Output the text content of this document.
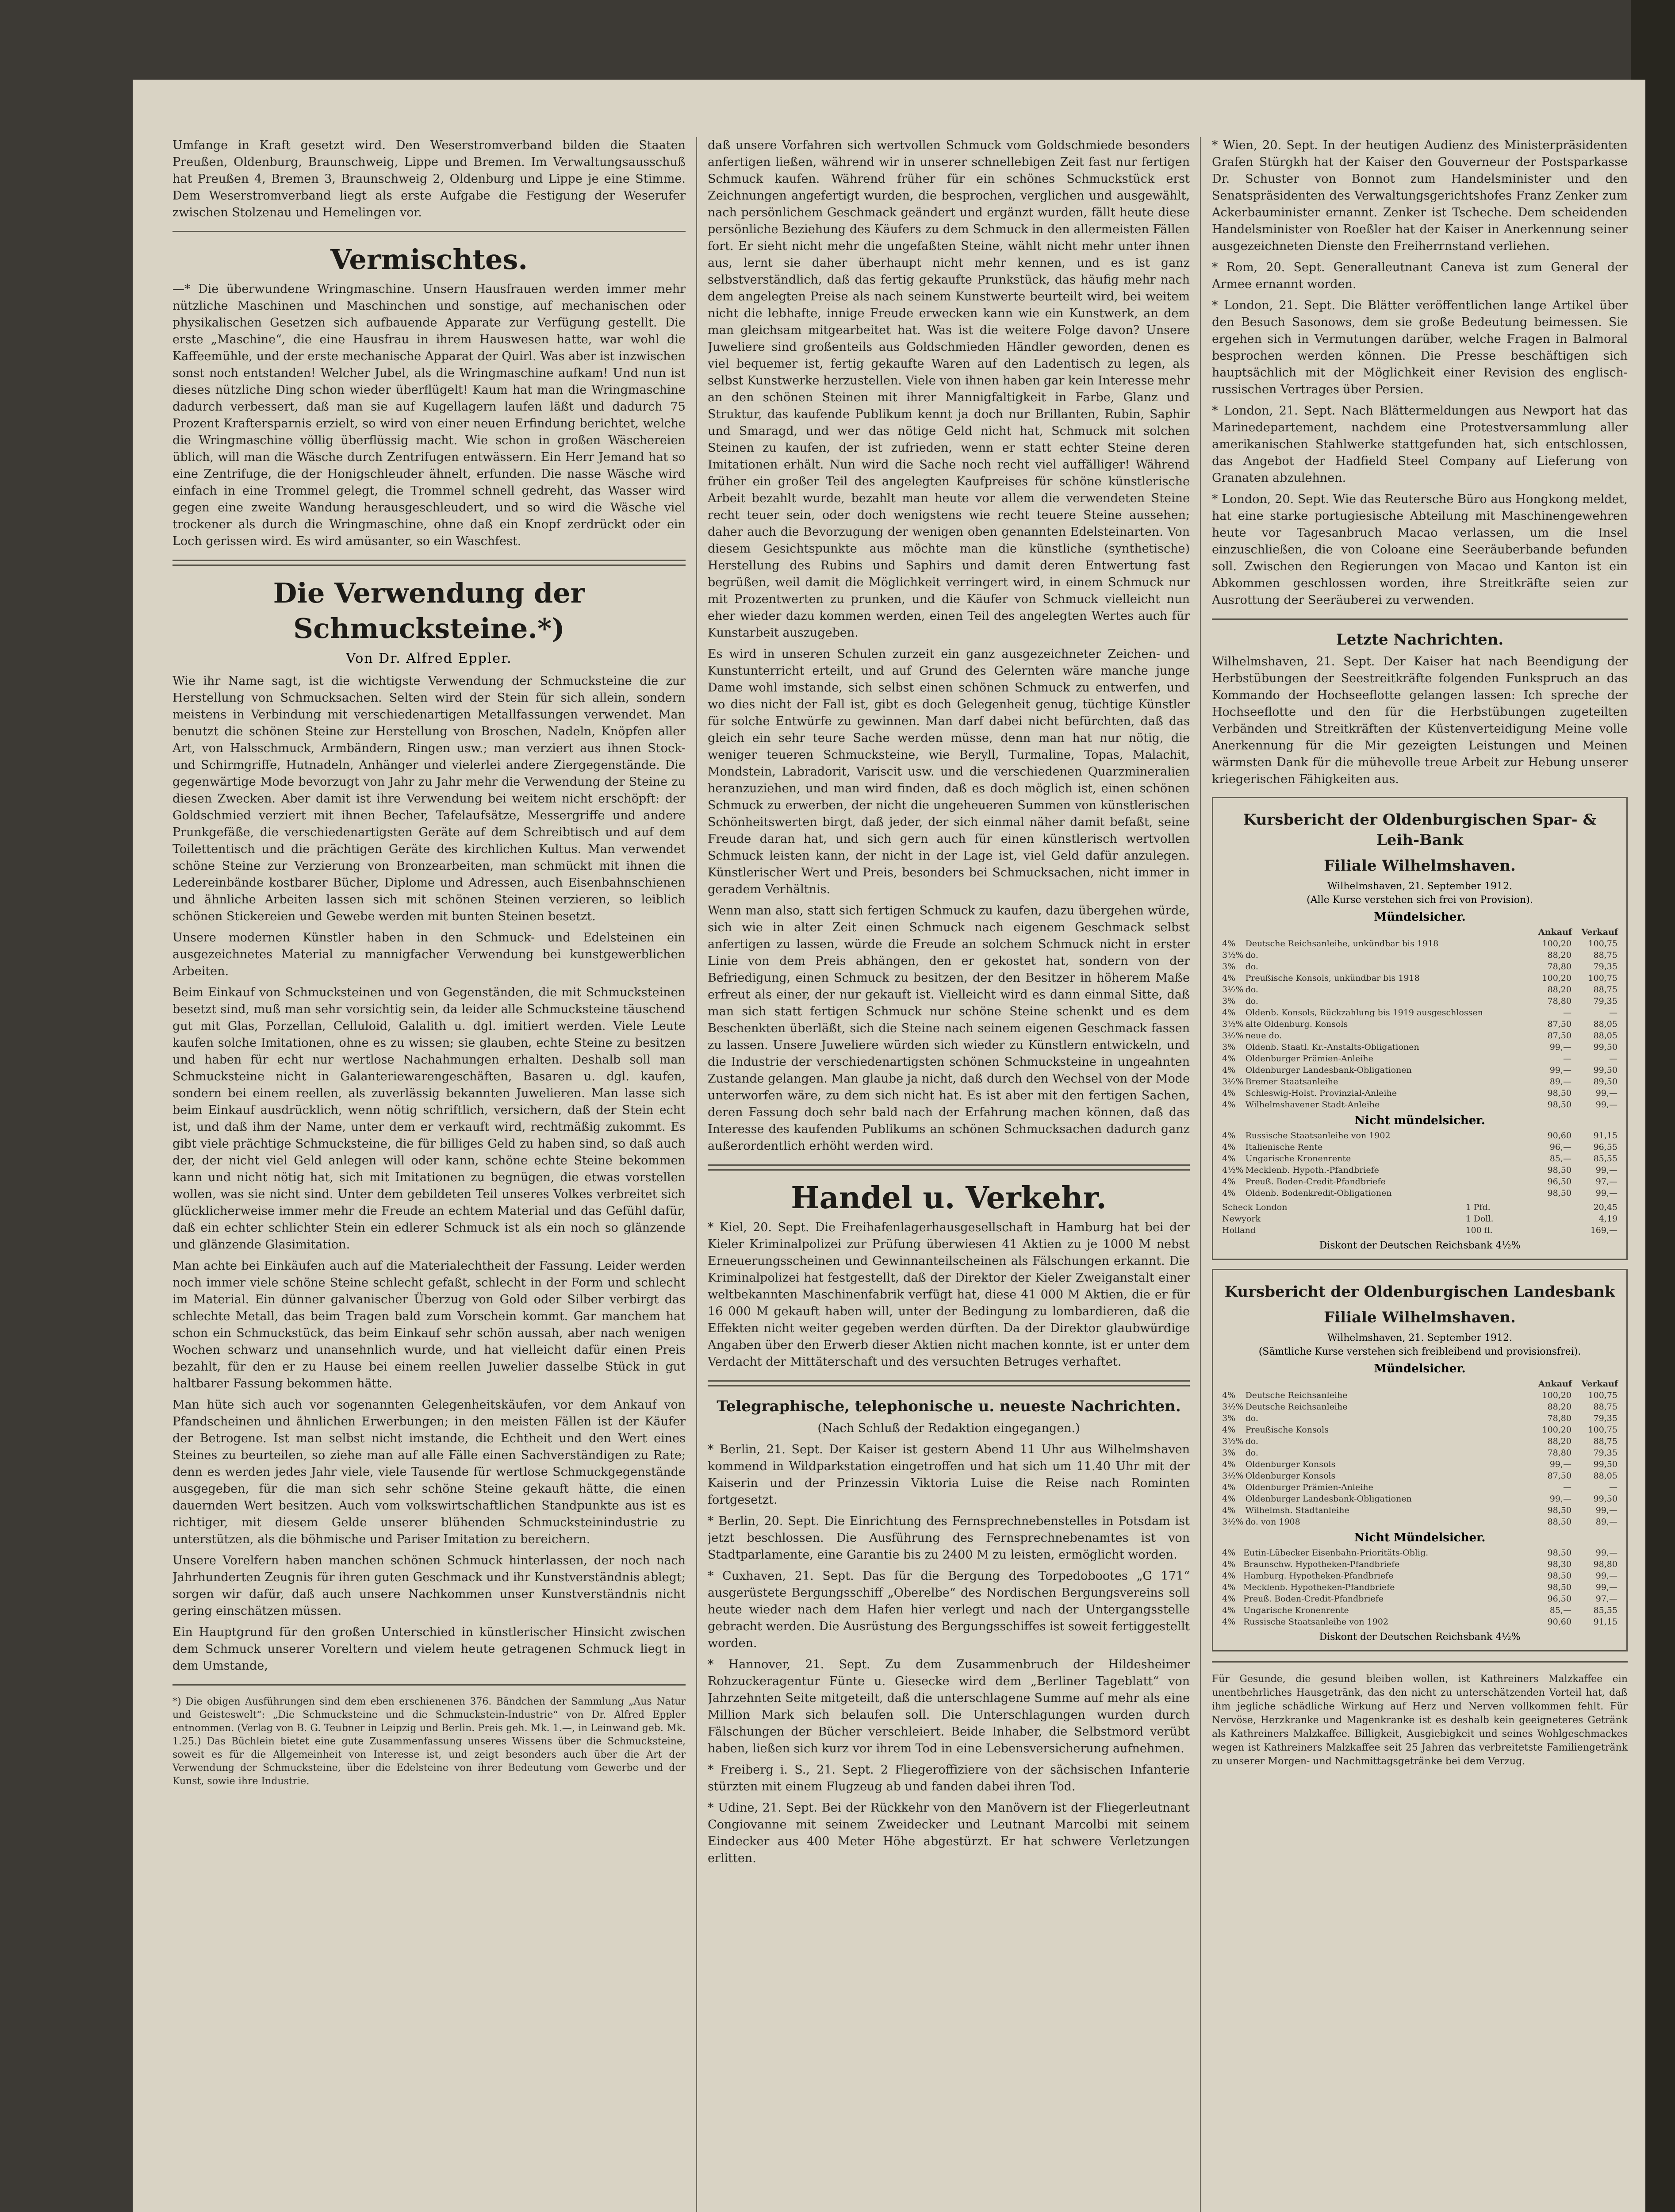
Umfange in Kraft gesetzt wird. Den Weserstromverband bilden die Staaten Preußen, Oldenburg, Braunschweig, Lippe und Bremen. Im Verwaltungsausschuß hat Preußen 4, Bremen 3, Braunschweig 2, Oldenburg und Lippe je eine Stimme. Dem Weserstromverband liegt als erste Aufgabe die Festigung der Weserufer zwischen Stolzenau und Hemelingen vor.

Vermischtes.

—* Die überwundene Wringmaschine. Unsern Hausfrauen werden immer mehr nützliche Maschinen und Maschinchen und sonstige, auf mechanischen oder physikalischen Gesetzen sich aufbauende Apparate zur Verfügung gestellt. Die erste „Maschine“, die eine Hausfrau in ihrem Hauswesen hatte, war wohl die Kaffeemühle, und der erste mechanische Apparat der Quirl. Was aber ist inzwischen sonst noch entstanden! Welcher Jubel, als die Wringmaschine aufkam! Und nun ist dieses nützliche Ding schon wieder überflügelt! Kaum hat man die Wringmaschine dadurch verbessert, daß man sie auf Kugellagern laufen läßt und dadurch 75 Prozent Kraftersparnis erzielt, so wird von einer neuen Erfindung berichtet, welche die Wringmaschine völlig überflüssig macht. Wie schon in großen Wäschereien üblich, will man die Wäsche durch Zentrifugen entwässern. Ein Herr Jemand hat so eine Zentrifuge, die der Honigschleuder ähnelt, erfunden. Die nasse Wäsche wird einfach in eine Trommel gelegt, die Trommel schnell gedreht, das Wasser wird gegen eine zweite Wandung herausgeschleudert, und so wird die Wäsche viel trockener als durch die Wringmaschine, ohne daß ein Knopf zerdrückt oder ein Loch gerissen wird. Es wird amüsanter, so ein Waschfest.

Die Verwendung der Schmucksteine.*)

Von Dr. Alfred Eppler.

Wie ihr Name sagt, ist die wichtigste Verwendung der Schmucksteine die zur Herstellung von Schmucksachen. Selten wird der Stein für sich allein, sondern meistens in Verbindung mit verschiedenartigen Metallfassungen verwendet. Man benutzt die schönen Steine zur Herstellung von Broschen, Nadeln, Knöpfen aller Art, von Halsschmuck, Armbändern, Ringen usw.; man verziert aus ihnen Stock- und Schirmgriffe, Hutnadeln, Anhänger und vielerlei andere Ziergegenstände. Die gegenwärtige Mode bevorzugt von Jahr zu Jahr mehr die Verwendung der Steine zu diesen Zwecken. Aber damit ist ihre Verwendung bei weitem nicht erschöpft: der Goldschmied verziert mit ihnen Becher, Tafelaufsätze, Messergriffe und andere Prunkgefäße, die verschiedenartigsten Geräte auf dem Schreibtisch und auf dem Toilettentisch und die prächtigen Geräte des kirchlichen Kultus. Man verwendet schöne Steine zur Verzierung von Bronzearbeiten, man schmückt mit ihnen die Ledereinbände kostbarer Bücher, Diplome und Adressen, auch Eisenbahnschienen und ähnliche Arbeiten lassen sich mit schönen Steinen verzieren, so leiblich schönen Stickereien und Gewebe werden mit bunten Steinen besetzt.

Unsere modernen Künstler haben in den Schmuck- und Edelsteinen ein ausgezeichnetes Material zu mannigfacher Verwendung bei kunstgewerblichen Arbeiten.

Beim Einkauf von Schmucksteinen und von Gegenständen, die mit Schmucksteinen besetzt sind, muß man sehr vorsichtig sein, da leider alle Schmucksteine täuschend gut mit Glas, Porzellan, Celluloid, Galalith u. dgl. imitiert werden. Viele Leute kaufen solche Imitationen, ohne es zu wissen; sie glauben, echte Steine zu besitzen und haben für echt nur wertlose Nachahmungen erhalten. Deshalb soll man Schmucksteine nicht in Galanteriewarengeschäften, Basaren u. dgl. kaufen, sondern bei einem reellen, als zuverlässig bekannten Juwelieren. Man lasse sich beim Einkauf ausdrücklich, wenn nötig schriftlich, versichern, daß der Stein echt ist, und daß ihm der Name, unter dem er verkauft wird, rechtmäßig zukommt. Es gibt viele prächtige Schmucksteine, die für billiges Geld zu haben sind, so daß auch der, der nicht viel Geld anlegen will oder kann, schöne echte Steine bekommen kann und nicht nötig hat, sich mit Imitationen zu begnügen, die etwas vorstellen wollen, was sie nicht sind. Unter dem gebildeten Teil unseres Volkes verbreitet sich glücklicherweise immer mehr die Freude an echtem Material und das Gefühl dafür, daß ein echter schlichter Stein ein edlerer Schmuck ist als ein noch so glänzende und glänzende Glasimitation.

Man achte bei Einkäufen auch auf die Materialechtheit der Fassung. Leider werden noch immer viele schöne Steine schlecht gefaßt, schlecht in der Form und schlecht im Material. Ein dünner galvanischer Überzug von Gold oder Silber verbirgt das schlechte Metall, das beim Tragen bald zum Vorschein kommt. Gar manchem hat schon ein Schmuckstück, das beim Einkauf sehr schön aussah, aber nach wenigen Wochen schwarz und unansehnlich wurde, und hat vielleicht dafür einen Preis bezahlt, für den er zu Hause bei einem reellen Juwelier dasselbe Stück in gut haltbarer Fassung bekommen hätte.

Man hüte sich auch vor sogenannten Gelegenheitskäufen, vor dem Ankauf von Pfandscheinen und ähnlichen Erwerbungen; in den meisten Fällen ist der Käufer der Betrogene. Ist man selbst nicht imstande, die Echtheit und den Wert eines Steines zu beurteilen, so ziehe man auf alle Fälle einen Sachverständigen zu Rate; denn es werden jedes Jahr viele, viele Tausende für wertlose Schmuckgegenstände ausgegeben, für die man sich sehr schöne Steine gekauft hätte, die einen dauernden Wert besitzen. Auch vom volkswirtschaftlichen Standpunkte aus ist es richtiger, mit diesem Gelde unserer blühenden Schmucksteinindustrie zu unterstützen, als die böhmische und Pariser Imitation zu bereichern.

Unsere Vorelfern haben manchen schönen Schmuck hinterlassen, der noch nach Jahrhunderten Zeugnis für ihren guten Geschmack und ihr Kunstverständnis ablegt; sorgen wir dafür, daß auch unsere Nachkommen unser Kunstverständnis nicht gering einschätzen müssen.

Ein Hauptgrund für den großen Unterschied in künstlerischer Hinsicht zwischen dem Schmuck unserer Voreltern und vielem heute getragenen Schmuck liegt in dem Umstande,

*) Die obigen Ausführungen sind dem eben erschienenen 376. Bändchen der Sammlung „Aus Natur und Geisteswelt“: „Die Schmucksteine und die Schmuckstein-Industrie“ von Dr. Alfred Eppler entnommen. (Verlag von B. G. Teubner in Leipzig und Berlin. Preis geh. Mk. 1.—, in Leinwand geb. Mk. 1.25.) Das Büchlein bietet eine gute Zusammenfassung unseres Wissens über die Schmucksteine, soweit es für die Allgemeinheit von Interesse ist, und zeigt besonders auch über die Art der Verwendung der Schmucksteine, über die Edelsteine von ihrer Bedeutung vom Gewerbe und der Kunst, sowie ihre Industrie.

daß unsere Vorfahren sich wertvollen Schmuck vom Goldschmiede besonders anfertigen ließen, während wir in unserer schnellebigen Zeit fast nur fertigen Schmuck kaufen. Während früher für ein schönes Schmuckstück erst Zeichnungen angefertigt wurden, die besprochen, verglichen und ausgewählt, nach persönlichem Geschmack geändert und ergänzt wurden, fällt heute diese persönliche Beziehung des Käufers zu dem Schmuck in den allermeisten Fällen fort. Er sieht nicht mehr die ungefaßten Steine, wählt nicht mehr unter ihnen aus, lernt sie daher überhaupt nicht mehr kennen, und es ist ganz selbstverständlich, daß das fertig gekaufte Prunkstück, das häufig mehr nach dem angelegten Preise als nach seinem Kunstwerte beurteilt wird, bei weitem nicht die lebhafte, innige Freude erwecken kann wie ein Kunstwerk, an dem man gleichsam mitgearbeitet hat. Was ist die weitere Folge davon? Unsere Juweliere sind großenteils aus Goldschmieden Händler geworden, denen es viel bequemer ist, fertig gekaufte Waren auf den Ladentisch zu legen, als selbst Kunstwerke herzustellen. Viele von ihnen haben gar kein Interesse mehr an den schönen Steinen mit ihrer Mannigfaltigkeit in Farbe, Glanz und Struktur, das kaufende Publikum kennt ja doch nur Brillanten, Rubin, Saphir und Smaragd, und wer das nötige Geld nicht hat, Schmuck mit solchen Steinen zu kaufen, der ist zufrieden, wenn er statt echter Steine deren Imitationen erhält. Nun wird die Sache noch recht viel auffälliger! Während früher ein großer Teil des angelegten Kaufpreises für schöne künstlerische Arbeit bezahlt wurde, bezahlt man heute vor allem die verwendeten Steine recht teuer sein, oder doch wenigstens wie recht teuere Steine aussehen; daher auch die Bevorzugung der wenigen oben genannten Edelsteinarten. Von diesem Gesichtspunkte aus möchte man die künstliche (synthetische) Herstellung des Rubins und Saphirs und damit deren Entwertung fast begrüßen, weil damit die Möglichkeit verringert wird, in einem Schmuck nur mit Prozentwerten zu prunken, und die Käufer von Schmuck vielleicht nun eher wieder dazu kommen werden, einen Teil des angelegten Wertes auch für Kunstarbeit auszugeben.

Es wird in unseren Schulen zurzeit ein ganz ausgezeichneter Zeichen- und Kunstunterricht erteilt, und auf Grund des Gelernten wäre manche junge Dame wohl imstande, sich selbst einen schönen Schmuck zu entwerfen, und wo dies nicht der Fall ist, gibt es doch Gelegenheit genug, tüchtige Künstler für solche Entwürfe zu gewinnen. Man darf dabei nicht befürchten, daß das gleich ein sehr teure Sache werden müsse, denn man hat nur nötig, die weniger teueren Schmucksteine, wie Beryll, Turmaline, Topas, Malachit, Mondstein, Labradorit, Variscit usw. und die verschiedenen Quarzmineralien heranzuziehen, und man wird finden, daß es doch möglich ist, einen schönen Schmuck zu erwerben, der nicht die ungeheueren Summen von künstlerischen Schönheitswerten birgt, daß jeder, der sich einmal näher damit befaßt, seine Freude daran hat, und sich gern auch für einen künstlerisch wertvollen Schmuck leisten kann, der nicht in der Lage ist, viel Geld dafür anzulegen. Künstlerischer Wert und Preis, besonders bei Schmucksachen, nicht immer in geradem Verhältnis.

Wenn man also, statt sich fertigen Schmuck zu kaufen, dazu übergehen würde, sich wie in alter Zeit einen Schmuck nach eigenem Geschmack selbst anfertigen zu lassen, würde die Freude an solchem Schmuck nicht in erster Linie von dem Preis abhängen, den er gekostet hat, sondern von der Befriedigung, einen Schmuck zu besitzen, der den Besitzer in höherem Maße erfreut als einer, der nur gekauft ist. Vielleicht wird es dann einmal Sitte, daß man sich statt fertigen Schmuck nur schöne Steine schenkt und es dem Beschenkten überläßt, sich die Steine nach seinem eigenen Geschmack fassen zu lassen. Unsere Juweliere würden sich wieder zu Künstlern entwickeln, und die Industrie der verschiedenartigsten schönen Schmucksteine in ungeahnten Zustande gelangen. Man glaube ja nicht, daß durch den Wechsel von der Mode unterworfen wäre, zu dem sich nicht hat. Es ist aber mit den fertigen Sachen, deren Fassung doch sehr bald nach der Erfahrung machen können, daß das Interesse des kaufenden Publikums an schönen Schmucksachen dadurch ganz außerordentlich erhöht werden wird.

Handel u. Verkehr.

* Kiel, 20. Sept. Die Freihafenlagerhausgesellschaft in Hamburg hat bei der Kieler Kriminalpolizei zur Prüfung überwiesen 41 Aktien zu je 1000 M nebst Erneuerungsscheinen und Gewinnanteilscheinen als Fälschungen erkannt. Die Kriminalpolizei hat festgestellt, daß der Direktor der Kieler Zweiganstalt einer weltbekannten Maschinenfabrik verfügt hat, diese 41 000 M Aktien, die er für 16 000 M gekauft haben will, unter der Bedingung zu lombardieren, daß die Effekten nicht weiter gegeben werden dürften. Da der Direktor glaubwürdige Angaben über den Erwerb dieser Aktien nicht machen konnte, ist er unter dem Verdacht der Mittäterschaft und des versuchten Betruges verhaftet.

Telegraphische, telephonische u. neueste Nachrichten.

(Nach Schluß der Redaktion eingegangen.)

* Berlin, 21. Sept. Der Kaiser ist gestern Abend 11 Uhr aus Wilhelmshaven kommend in Wildparkstation eingetroffen und hat sich um 11.40 Uhr mit der Kaiserin und der Prinzessin Viktoria Luise die Reise nach Rominten fortgesetzt.

* Berlin, 20. Sept. Die Einrichtung des Fernsprechnebenstelles in Potsdam ist jetzt beschlossen. Die Ausführung des Fernsprechnebenamtes ist von Stadtparlamente, eine Garantie bis zu 2400 M zu leisten, ermöglicht worden.

* Cuxhaven, 21. Sept. Das für die Bergung des Torpedobootes „G 171“ ausgerüstete Bergungsschiff „Oberelbe“ des Nordischen Bergungsvereins soll heute wieder nach dem Hafen hier verlegt und nach der Untergangsstelle gebracht werden. Die Ausrüstung des Bergungsschiffes ist soweit fertiggestellt worden.

* Hannover, 21. Sept. Zu dem Zusammenbruch der Hildesheimer Rohzuckeragentur Fünte u. Giesecke wird dem „Berliner Tageblatt“ von Jahrzehnten Seite mitgeteilt, daß die unterschlagene Summe auf mehr als eine Million Mark sich belaufen soll. Die Unterschlagungen wurden durch Fälschungen der Bücher verschleiert. Beide Inhaber, die Selbstmord verübt haben, ließen sich kurz vor ihrem Tod in eine Lebensversicherung aufnehmen.

* Freiberg i. S., 21. Sept. 2 Fliegeroffiziere von der sächsischen Infanterie stürzten mit einem Flugzeug ab und fanden dabei ihren Tod.

* Udine, 21. Sept. Bei der Rückkehr von den Manövern ist der Fliegerleutnant Congiovanne mit seinem Zweidecker und Leutnant Marcolbi mit seinem Eindecker aus 400 Meter Höhe abgestürzt. Er hat schwere Verletzungen erlitten.

* Wien, 20. Sept. In der heutigen Audienz des Ministerpräsidenten Grafen Stürgkh hat der Kaiser den Gouverneur der Postsparkasse Dr. Schuster von Bonnot zum Handelsminister und den Senatspräsidenten des Verwaltungsgerichtshofes Franz Zenker zum Ackerbauminister ernannt. Zenker ist Tscheche. Dem scheidenden Handelsminister von Roeßler hat der Kaiser in Anerkennung seiner ausgezeichneten Dienste den Freiherrnstand verliehen.

* Rom, 20. Sept. Generalleutnant Caneva ist zum General der Armee ernannt worden.

* London, 21. Sept. Die Blätter veröffentlichen lange Artikel über den Besuch Sasonows, dem sie große Bedeutung beimessen. Sie ergehen sich in Vermutungen darüber, welche Fragen in Balmoral besprochen werden können. Die Presse beschäftigen sich hauptsächlich mit der Möglichkeit einer Revision des englisch-russischen Vertrages über Persien.

* London, 21. Sept. Nach Blättermeldungen aus Newport hat das Marinedepartement, nachdem eine Protestversammlung aller amerikanischen Stahlwerke stattgefunden hat, sich entschlossen, das Angebot der Hadfield Steel Company auf Lieferung von Granaten abzulehnen.

* London, 20. Sept. Wie das Reutersche Büro aus Hongkong meldet, hat eine starke portugiesische Abteilung mit Maschinengewehren heute vor Tagesanbruch Macao verlassen, um die Insel einzuschließen, die von Coloane eine Seeräuberbande befunden soll. Zwischen den Regierungen von Macao und Kanton ist ein Abkommen geschlossen worden, ihre Streitkräfte seien zur Ausrottung der Seeräuberei zu verwenden.

Letzte Nachrichten.

Wilhelmshaven, 21. Sept. Der Kaiser hat nach Beendigung der Herbstübungen der Seestreitkräfte folgenden Funkspruch an das Kommando der Hochseeflotte gelangen lassen: Ich spreche der Hochseeflotte und den für die Herbstübungen zugeteilten Verbänden und Streitkräften der Küstenverteidigung Meine volle Anerkennung für die Mir gezeigten Leistungen und Meinen wärmsten Dank für die mühevolle treue Arbeit zur Hebung unserer kriegerischen Fähigkeiten aus.

Kursbericht der Oldenburgischen Spar- & Leih-Bank
Filiale Wilhelmshaven.

Wilhelmshaven, 21. September 1912.

(Alle Kurse verstehen sich frei von Provision).

Mündelsicher.
		Ankauf	Verkauf
4%	Deutsche Reichsanleihe, unkündbar bis 1918	100,20	100,75
3½%	do.	88,20	88,75
3%	do.	78,80	79,35
4%	Preußische Konsols, unkündbar bis 1918	100,20	100,75
3½%	do.	88,20	88,75
3%	do.	78,80	79,35
4%	Oldenb. Konsols, Rückzahlung bis 1919 ausgeschlossen	—	—
3½%	alte Oldenburg. Konsols	87,50	88,05
3½%	neue do.	87,50	88,05
3%	Oldenb. Staatl. Kr.-Anstalts-Obligationen	99,—	99,50
4%	Oldenburger Prämien-Anleihe	—	—
4%	Oldenburger Landesbank-Obligationen	99,—	99,50
3½%	Bremer Staatsanleihe	89,—	89,50
4%	Schleswig-Holst. Provinzial-Anleihe	98,50	99,—
4%	Wilhelmshavener Stadt-Anleihe	98,50	99,—
Nicht mündelsicher.
4%	Russische Staatsanleihe von 1902	90,60	91,15
4%	Italienische Rente	96,—	96,55
4%	Ungarische Kronenrente	85,—	85,55
4½%	Mecklenb. Hypoth.-Pfandbriefe	98,50	99,—
4%	Preuß. Boden-Credit-Pfandbriefe	96,50	97,—
4%	Oldenb. Bodenkredit-Obligationen	98,50	99,—
Scheck London	1 Pfd.	20,45
Newyork	1 Doll.	4,19
Holland	100 fl.	169,—

Diskont der Deutschen Reichsbank 4½%

Kursbericht der Oldenburgischen Landesbank
Filiale Wilhelmshaven.

Wilhelmshaven, 21. September 1912.

(Sämtliche Kurse verstehen sich freibleibend und provisionsfrei).

Mündelsicher.
		Ankauf	Verkauf
4%	Deutsche Reichsanleihe	100,20	100,75
3½%	Deutsche Reichsanleihe	88,20	88,75
3%	do.	78,80	79,35
4%	Preußische Konsols	100,20	100,75
3½%	do.	88,20	88,75
3%	do.	78,80	79,35
4%	Oldenburger Konsols	99,—	99,50
3½%	Oldenburger Konsols	87,50	88,05
4%	Oldenburger Prämien-Anleihe	—	—
4%	Oldenburger Landesbank-Obligationen	99,—	99,50
4%	Wilhelmsh. Stadtanleihe	98,50	99,—
3½%	do. von 1908	88,50	89,—
Nicht Mündelsicher.
4%	Eutin-Lübecker Eisenbahn-Prioritäts-Oblig.	98,50	99,—
4%	Braunschw. Hypotheken-Pfandbriefe	98,30	98,80
4%	Hamburg. Hypotheken-Pfandbriefe	98,50	99,—
4%	Mecklenb. Hypotheken-Pfandbriefe	98,50	99,—
4%	Preuß. Boden-Credit-Pfandbriefe	96,50	97,—
4%	Ungarische Kronenrente	85,—	85,55
4%	Russische Staatsanleihe von 1902	90,60	91,15

Diskont der Deutschen Reichsbank 4½%

Für Gesunde, die gesund bleiben wollen, ist Kathreiners Malzkaffee ein unentbehrliches Hausgetränk, das den nicht zu unterschätzenden Vorteil hat, daß ihm jegliche schädliche Wirkung auf Herz und Nerven vollkommen fehlt. Für Nervöse, Herzkranke und Magenkranke ist es deshalb kein geeigneteres Getränk als Kathreiners Malzkaffee. Billigkeit, Ausgiebigkeit und seines Wohlgeschmackes wegen ist Kathreiners Malzkaffee seit 25 Jahren das verbreitetste Familiengetränk zu unserer Morgen- und Nachmittagsgetränke bei dem Verzug.
